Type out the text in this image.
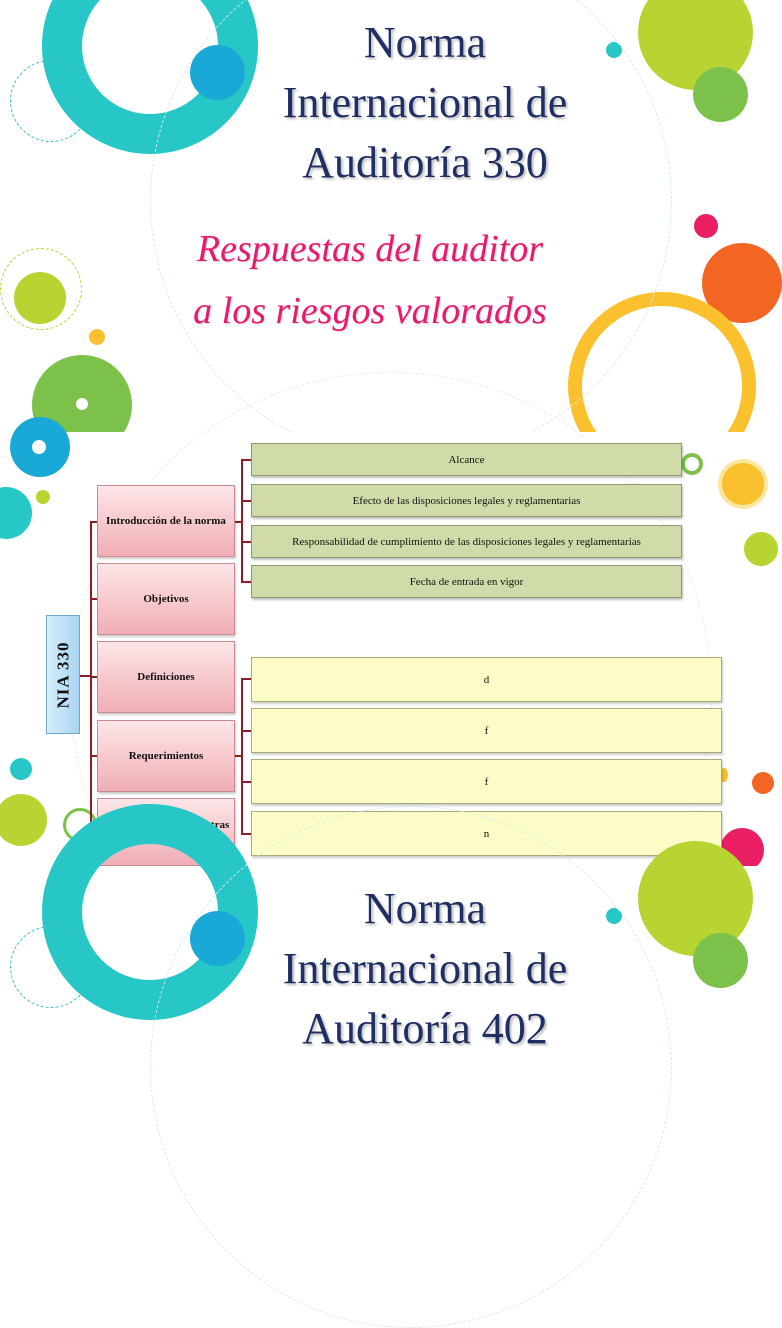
Norma
Internacional de
Auditoría 330
Respuestas del auditor
a los riesgos valorados
NIA 330
Introducción de la norma
Objetivos
Definiciones
Requerimientos
Guías de aplicación y otras anotaciones explicativas
Alcance
Efecto de las disposiciones legales y reglamentarias
Responsabilidad de cumplimiento de las disposiciones legales y reglamentarias
Fecha de entrada en vigor
d
f
f
n
Norma
Internacional de
Auditoría 402
